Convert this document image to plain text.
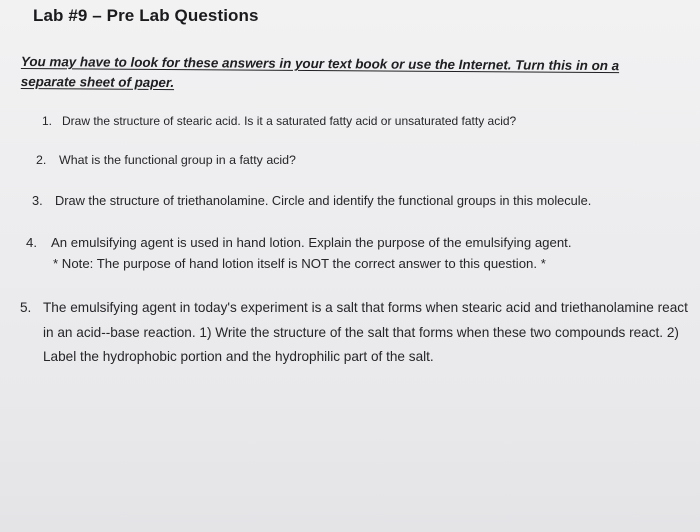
Lab #9 – Pre Lab Questions
You may have to look for these answers in your text book or use the Internet. Turn this in on a separate sheet of paper.
1. Draw the structure of stearic acid. Is it a saturated fatty acid or unsaturated fatty acid?
2.	What is the functional group in a fatty acid?
3. Draw the structure of triethanolamine. Circle and identify the functional groups in this molecule.
4.	An emulsifying agent is used in hand lotion. Explain the purpose of the emulsifying agent.
* Note: The purpose of hand lotion itself is NOT the correct answer to this question. *
5. The emulsifying agent in today's experiment is a salt that forms when stearic acid and triethanolamine react in an acid--base reaction. 1) Write the structure of the salt that forms when these two compounds react. 2) Label the hydrophobic portion and the hydrophilic part of the salt.
